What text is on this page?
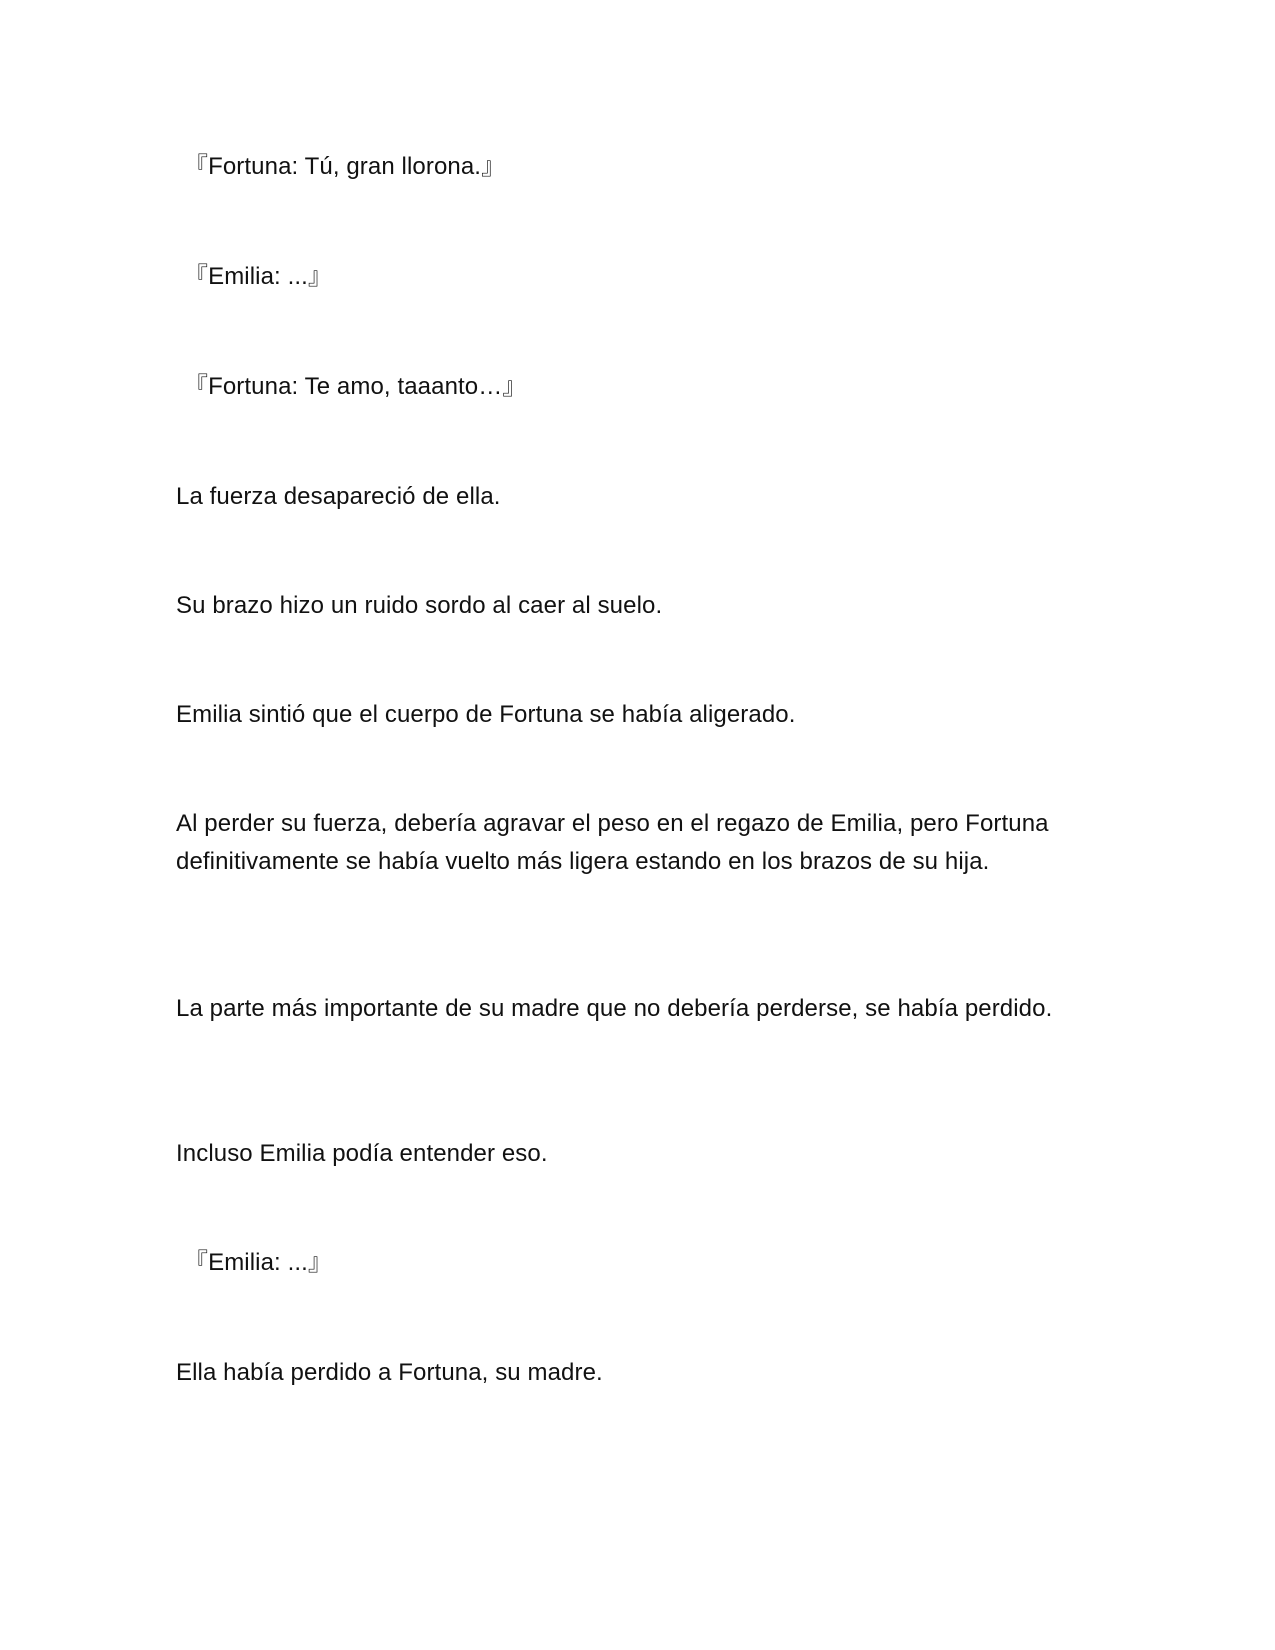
『Fortuna: Tú, gran llorona.』

『Emilia: ...』

『Fortuna: Te amo, taaanto…』

La fuerza desapareció de ella.

Su brazo hizo un ruido sordo al caer al suelo.

Emilia sintió que el cuerpo de Fortuna se había aligerado.

Al perder su fuerza, debería agravar el peso en el regazo de Emilia, pero Fortuna definitivamente se había vuelto más ligera estando en los brazos de su hija.

La parte más importante de su madre que no debería perderse, se había perdido.

Incluso Emilia podía entender eso.

『Emilia: ...』

Ella había perdido a Fortuna, su madre.
